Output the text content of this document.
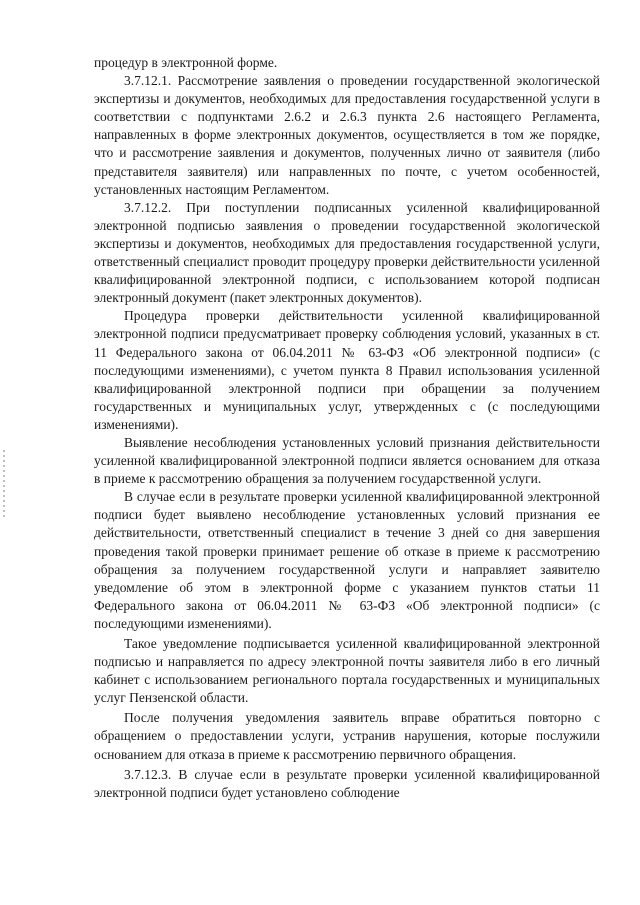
процедур в электронной форме.

3.7.12.1. Рассмотрение заявления о проведении государственной экологической экспертизы и документов, необходимых для предоставления государственной услуги в соответствии с подпунктами 2.6.2 и 2.6.3 пункта 2.6 настоящего Регламента, направленных в форме электронных документов, осуществляется в том же порядке, что и рассмотрение заявления и документов, полученных лично от заявителя (либо представителя заявителя) или направленных по почте, с учетом особенностей, установленных настоящим Регламентом.

3.7.12.2. При поступлении подписанных усиленной квалифицированной электронной подписью заявления о проведении государственной экологической экспертизы и документов, необходимых для предоставления государственной услуги, ответственный специалист проводит процедуру проверки действительности усиленной квалифицированной электронной подписи, с использованием которой подписан электронный документ (пакет электронных документов).

Процедура проверки действительности усиленной квалифицированной электронной подписи предусматривает проверку соблюдения условий, указанных в ст. 11 Федерального закона от 06.04.2011 № 63-ФЗ «Об электронной подписи» (с последующими изменениями), с учетом пункта 8 Правил использования усиленной квалифицированной электронной подписи при обращении за получением государственных и муниципальных услуг, утвержденных с (с последующими изменениями).

Выявление несоблюдения установленных условий признания действительности усиленной квалифицированной электронной подписи является основанием для отказа в приеме к рассмотрению обращения за получением государственной услуги.

В случае если в результате проверки усиленной квалифицированной электронной подписи будет выявлено несоблюдение установленных условий признания ее действительности, ответственный специалист в течение 3 дней со дня завершения проведения такой проверки принимает решение об отказе в приеме к рассмотрению обращения за получением государственной услуги и направляет заявителю уведомление об этом в электронной форме с указанием пунктов статьи 11 Федерального закона от 06.04.2011 № 63-ФЗ «Об электронной подписи» (с последующими изменениями).

Такое уведомление подписывается усиленной квалифицированной электронной подписью и направляется по адресу электронной почты заявителя либо в его личный кабинет с использованием регионального портала государственных и муниципальных услуг Пензенской области.

После получения уведомления заявитель вправе обратиться повторно с обращением о предоставлении услуги, устранив нарушения, которые послужили основанием для отказа в приеме к рассмотрению первичного обращения.

3.7.12.3. В случае если в результате проверки усиленной квалифицированной электронной подписи будет установлено соблюдение
